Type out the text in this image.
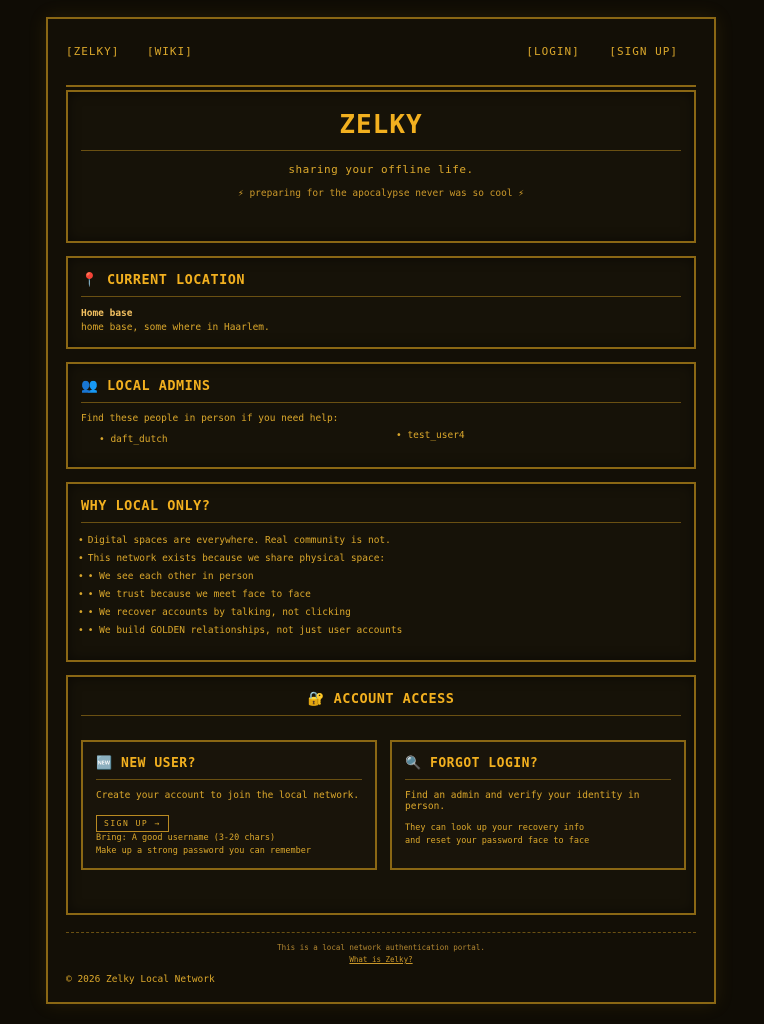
[ZELKY]	[WIKI]	[LOGIN]	[SIGN UP]
ZELKY
sharing your offline life.
⚡ preparing for the apocalypse never was so cool ⚡
📍 CURRENT LOCATION
Home base
home base, some where in Haarlem.
👥 LOCAL ADMINS
Find these people in person if you need help:
• daft_dutch	• test_user4
WHY LOCAL ONLY?
• Digital spaces are everywhere. Real community is not.
• This network exists because we share physical space:
• • We see each other in person
• • We trust because we meet face to face
• • We recover accounts by talking, not clicking
• • We build GOLDEN relationships, not just user accounts
🔐 ACCOUNT ACCESS
🆕 NEW USER?
Create your account to join the local network.
SIGN UP →
Bring: A good username (3-20 chars)
Make up a strong password you can remember
🔍 FORGOT LOGIN?
Find an admin and verify your identity in person.
They can look up your recovery info
and reset your password face to face
This is a local network authentication portal.
What is Zelky?
© 2026 Zelky Local Network
